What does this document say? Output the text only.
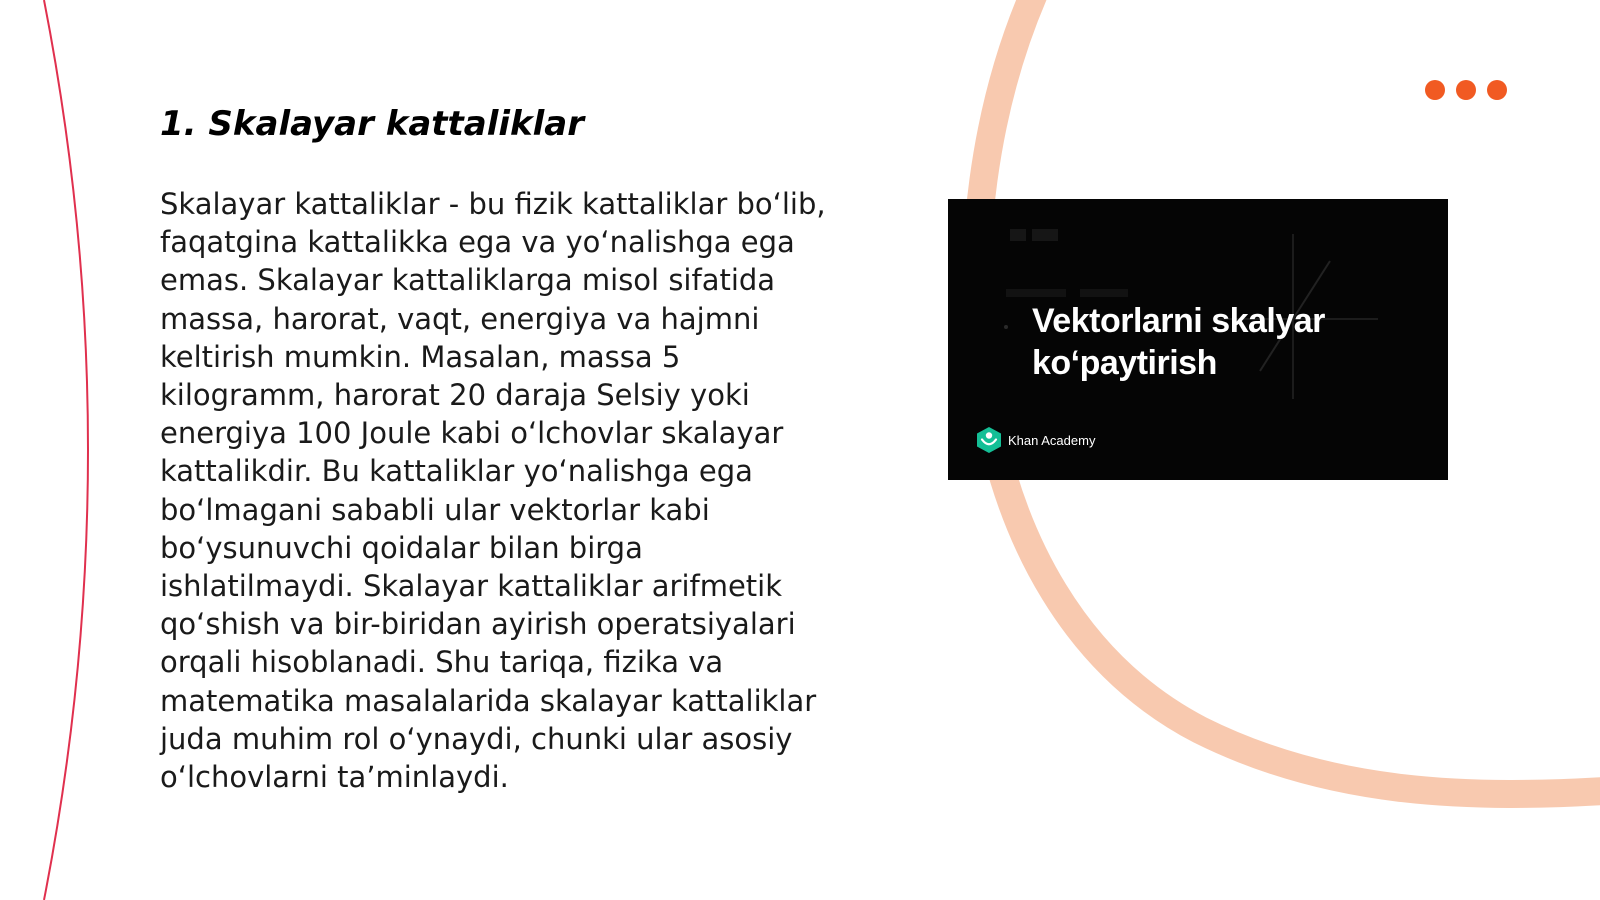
1. Skalayar kattaliklar

Skalayar kattaliklar - bu fizik kattaliklar bo‘lib,
faqatgina kattalikka ega va yo‘nalishga ega
emas. Skalayar kattaliklarga misol sifatida
massa, harorat, vaqt, energiya va hajmni
keltirish mumkin. Masalan, massa 5
kilogramm, harorat 20 daraja Selsiy yoki
energiya 100 Joule kabi o‘lchovlar skalayar
kattalikdir. Bu kattaliklar yo‘nalishga ega
bo‘lmagani sababli ular vektorlar kabi
bo‘ysunuvchi qoidalar bilan birga
ishlatilmaydi. Skalayar kattaliklar arifmetik
qo‘shish va bir-biridan ayirish operatsiyalari
orqali hisoblanadi. Shu tariqa, fizika va
matematika masalalarida skalayar kattaliklar
juda muhim rol o‘ynaydi, chunki ular asosiy
o‘lchovlarni ta’minlaydi.

Vektorlarni skalyar
ko‘paytirish
Khan Academy
